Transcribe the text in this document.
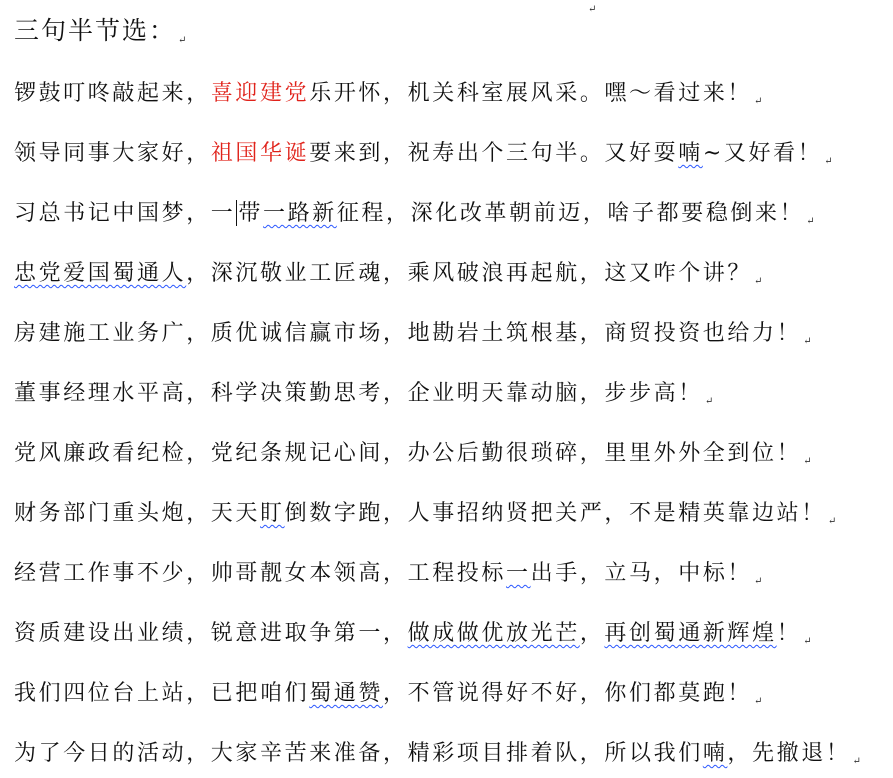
↵
三句半节选： ↵
锣鼓叮咚敲起来，喜迎建党乐开怀，机关科室展风采。嘿～看过来！ ↵
领导同事大家好，祖国华诞要来到，祝寿出个三句半。又好耍喃~又好看！ ↵
习总书记中国梦，一 带一路新征程，深化改革朝前迈，啥子都要稳倒来！ ↵
忠党爱国蜀通人，深沉敬业工匠魂，乘风破浪再起航，这又咋个讲？ ↵
房建施工业务广，质优诚信赢市场，地勘岩土筑根基，商贸投资也给力！ ↵
董事经理水平高，科学决策勤思考，企业明天靠动脑，步步高！ ↵
党风廉政看纪检，党纪条规记心间，办公后勤很琐碎，里里外外全到位！ ↵
财务部门重头炮，天天盯倒数字跑，人事招纳贤把关严，不是精英靠边站！ ↵
经营工作事不少，帅哥靓女本领高，工程投标一出手，立马，中标！ ↵
资质建设出业绩，锐意进取争第一，做成做优放光芒，再创蜀通新辉煌！ ↵
我们四位台上站，已把咱们蜀通赞，不管说得好不好，你们都莫跑！ ↵
为了今日的活动，大家辛苦来准备，精彩项目排着队，所以我们喃，先撤退！ ↵
